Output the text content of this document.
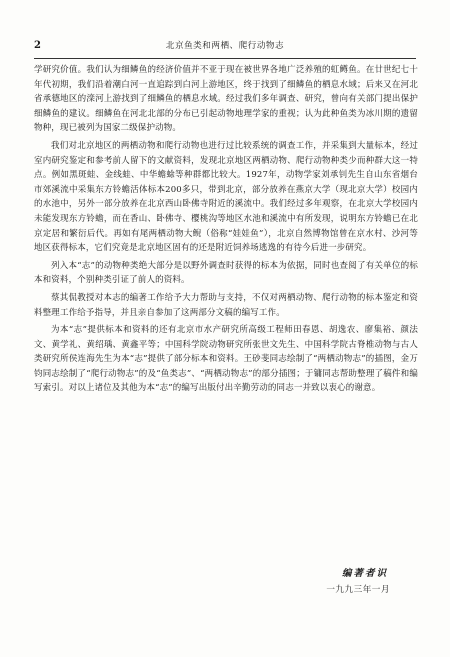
2	北京鱼类和两栖、爬行动物志

学研究价值。我们认为细鳞鱼的经济价值并不亚于现在被世界各地广泛养殖的虹鳟鱼。在廿世纪七十年代初期，我们沿着潮白河一直追踪到白河上游地区，终于找到了细鳞鱼的栖息水域；后来又在河北省承德地区的滦河上游找到了细鳞鱼的栖息水域。经过我们多年调查、研究，曾向有关部门提出保护细鳞鱼的建议。细鳞鱼在河北北部的分布已引起动物地理学家的重视；认为此种鱼类为冰川期的遗留物种，现已被列为国家二级保护动物。

我们对北京地区的两栖动物和爬行动物也进行过比较系统的调查工作，并采集到大量标本，经过室内研究鉴定和参考前人留下的文献资料，发现北京地区两栖动物、爬行动物种类少而种群大这一特点。例如黑斑蛙、金线蛙、中华蟾蜍等种群都比较大。1927年，动物学家刘承钊先生自山东省烟台市郊溪流中采集东方铃蟾活体标本200多只，带到北京，部分放养在燕京大学（现北京大学）校园内的水池中，另外一部分放养在北京西山卧佛寺附近的溪流中。我们经过多年观察，在北京大学校园内未能发现东方铃蟾，而在香山、卧佛寺、樱桃沟等地区水池和溪流中有所发现，说明东方铃蟾已在北京定居和繁衍后代。再如有尾两栖动物大鲵（俗称“娃娃鱼”），北京自然博物馆曾在京水村、沙河等地区获得标本，它们究竟是北京地区固有的还是附近饲养场逃逸的有待今后进一步研究。

列入本“志”的动物种类绝大部分是以野外调查时获得的标本为依据，同时也查阅了有关单位的标本和资料，个别种类引证了前人的资料。

蔡其侃教授对本志的编著工作给予大力帮助与支持，不仅对两栖动物、爬行动物的标本鉴定和资料整理工作给予指导，并且亲自参加了这两部分文稿的编写工作。

为本“志”提供标本和资料的还有北京市水产研究所高级工程师田春恩、胡逸农、廖集裕、颜法文、黄学礼、黄绍瑀、黄鑫平等；中国科学院动物研究所张世文先生、中国科学院古脊椎动物与古人类研究所侯连海先生为本“志”提供了部分标本和资料。王砂斐同志绘制了“两栖动物志”的插图，金万钧同志绘制了“爬行动物志”的及“鱼类志”、“两栖动物志”的部分插图；于镛同志帮助整理了稿件和编写索引。对以上诸位及其他为本“志”的编写出版付出辛勤劳动的同志一并致以衷心的谢意。

编著者识
一九九三年一月
